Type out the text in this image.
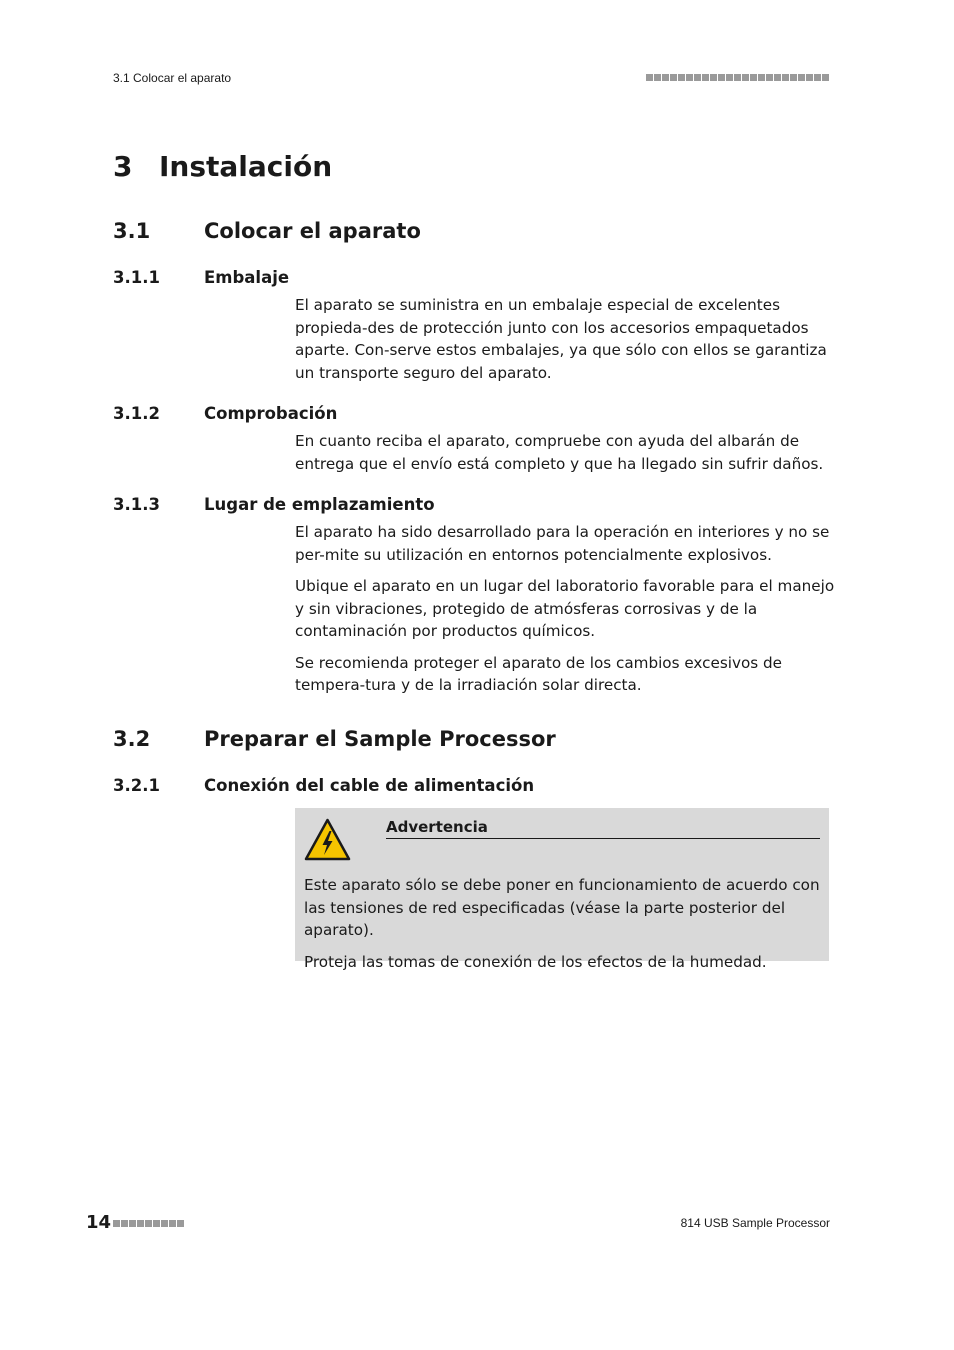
3.1 Colocar el aparato
3 Instalación
3.1	Colocar el aparato
3.1.1	Embalaje

El aparato se suministra en un embalaje especial de excelentes propieda-des de protección junto con los accesorios empaquetados aparte. Con-serve estos embalajes, ya que sólo con ellos se garantiza un transporte seguro del aparato.

3.1.2	Comprobación

En cuanto reciba el aparato, compruebe con ayuda del albarán de entrega que el envío está completo y que ha llegado sin sufrir daños.

3.1.3	Lugar de emplazamiento

El aparato ha sido desarrollado para la operación en interiores y no se per-mite su utilización en entornos potencialmente explosivos.

Ubique el aparato en un lugar del laboratorio favorable para el manejo y sin vibraciones, protegido de atmósferas corrosivas y de la contaminación por productos químicos.

Se recomienda proteger el aparato de los cambios excesivos de tempera-tura y de la irradiación solar directa.

3.2	Preparar el Sample Processor
3.2.1	Conexión del cable de alimentación
Advertencia

Este aparato sólo se debe poner en funcionamiento de acuerdo con las tensiones de red especificadas (véase la parte posterior del aparato).

Proteja las tomas de conexión de los efectos de la humedad.

14	814 USB Sample Processor
